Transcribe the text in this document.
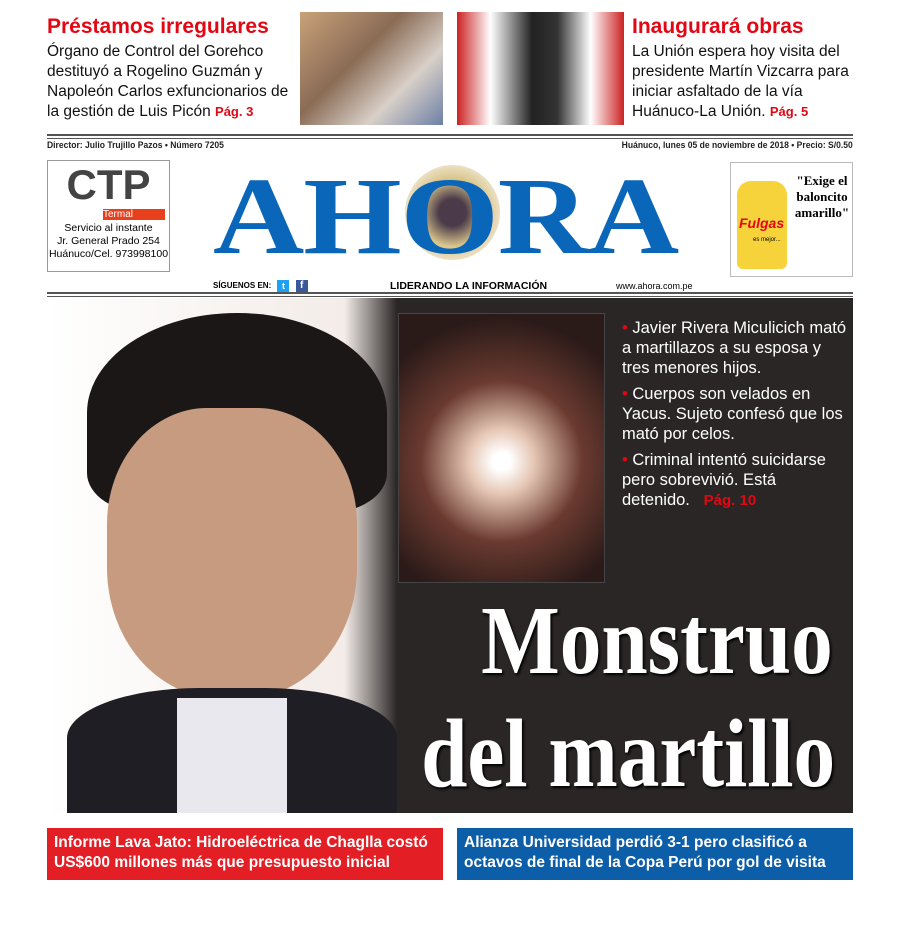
Préstamos irregulares
Órgano de Control del Gorehco destituyó a Rogelino Guzmán y Napoleón Carlos exfuncionarios de la gestión de Luis Picón Pág. 3
Inaugurará obras
La Unión espera hoy visita del presidente Martín Vizcarra para iniciar asfaltado de la vía Huánuco-La Unión. Pág. 5
Director: Julio Trujillo Pazos • Número 7205	Huánuco, lunes 05 de noviembre de 2018 • Precio: S/0.50
CTP
Termal
Servicio al instante
Jr. General Prado 254
Huánuco/Cel. 973998100 AHORA
SÍGUENOS EN: t f	LIDERANDO LA INFORMACIÓN	www.ahora.com.pe
Fulgas
es mejor...
"Exige el baloncito amarillo"
• Javier Rivera Miculicich mató a martillazos a su esposa y tres menores hijos.
• Cuerpos son velados en Yacus. Sujeto confesó que los mató por celos.
• Criminal intentó suicidarse pero sobrevivió. Está detenido. Pág. 10
Monstruo
del martillo
Informe Lava Jato: Hidroeléctrica de Chaglla costó US$600 millones más que presupuesto inicial
Alianza Universidad perdió 3-1 pero clasificó a octavos de final de la Copa Perú por gol de visita
